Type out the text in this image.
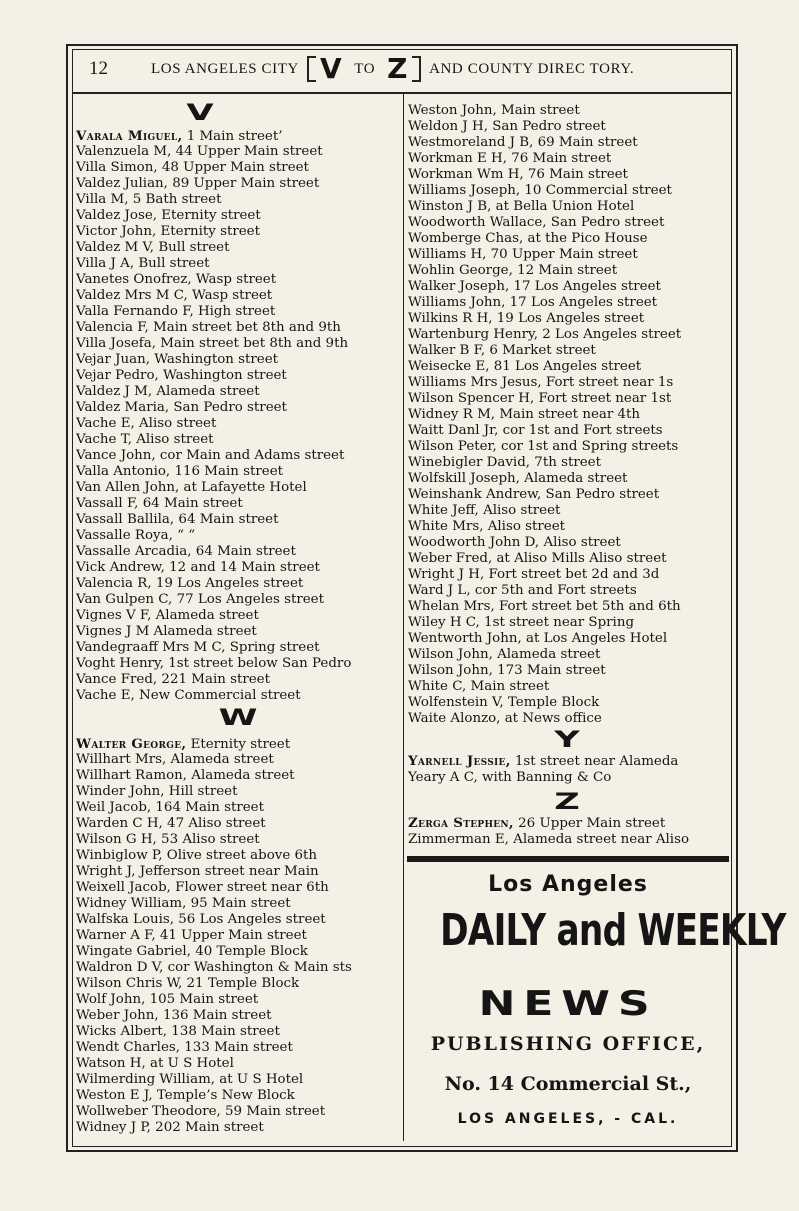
12	LOS ANGELES CITY V TO Z AND COUNTY DIREC TORY.
V
W
Y
Z
Varala Miguel, 1 Main street’
Valenzuela M, 44 Upper Main street
Villa Simon, 48 Upper Main street
Valdez Julian, 89 Upper Main street
Villa M, 5 Bath street
Valdez Jose, Eternity street
Victor John, Eternity street
Valdez M V, Bull street
Villa J A, Bull street
Vanetes Onofrez, Wasp street
Valdez Mrs M C, Wasp street
Valla Fernando F, High street
Valencia F, Main street bet 8th and 9th
Villa Josefa, Main street bet 8th and 9th
Vejar Juan, Washington street
Vejar Pedro, Washington street
Valdez J M, Alameda street
Valdez Maria, San Pedro street
Vache E, Aliso street
Vache T, Aliso street
Vance John, cor Main and Adams street
Valla Antonio, 116 Main street
Van Allen John, at Lafayette Hotel
Vassall F, 64 Main street
Vassall Ballila, 64 Main street
Vassalle Roya, “ “
Vassalle Arcadia, 64 Main street
Vick Andrew, 12 and 14 Main street
Valencia R, 19 Los Angeles street
Van Gulpen C, 77 Los Angeles street
Vignes V F, Alameda street
Vignes J M Alameda street
Vandegraaff Mrs M C, Spring street
Voght Henry, 1st street below San Pedro
Vance Fred, 221 Main street
Vache E, New Commercial street
Walter George, Eternity street
Willhart Mrs, Alameda street
Willhart Ramon, Alameda street
Winder John, Hill street
Weil Jacob, 164 Main street
Warden C H, 47 Aliso street
Wilson G H, 53 Aliso street
Winbiglow P, Olive street above 6th
Wright J, Jefferson street near Main
Weixell Jacob, Flower street near 6th
Widney William, 95 Main street
Walfska Louis, 56 Los Angeles street
Warner A F, 41 Upper Main street
Wingate Gabriel, 40 Temple Block
Waldron D V, cor Washington & Main sts
Wilson Chris W, 21 Temple Block
Wolf John, 105 Main street
Weber John, 136 Main street
Wicks Albert, 138 Main street
Wendt Charles, 133 Main street
Watson H, at U S Hotel
Wilmerding William, at U S Hotel
Weston E J, Temple’s New Block
Wollweber Theodore, 59 Main street
Widney J P, 202 Main street
Weston John, Main street
Weldon J H, San Pedro street
Westmoreland J B, 69 Main street
Workman E H, 76 Main street
Workman Wm H, 76 Main street
Williams Joseph, 10 Commercial street
Winston J B, at Bella Union Hotel
Woodworth Wallace, San Pedro street
Womberge Chas, at the Pico House
Williams H, 70 Upper Main street
Wohlin George, 12 Main street
Walker Joseph, 17 Los Angeles street
Williams John, 17 Los Angeles street
Wilkins R H, 19 Los Angeles street
Wartenburg Henry, 2 Los Angeles street
Walker B F, 6 Market street
Weisecke E, 81 Los Angeles street
Williams Mrs Jesus, Fort street near 1s
Wilson Spencer H, Fort street near 1st
Widney R M, Main street near 4th
Waitt Danl Jr, cor 1st and Fort streets
Wilson Peter, cor 1st and Spring streets
Winebigler David, 7th street
Wolfskill Joseph, Alameda street
Weinshank Andrew, San Pedro street
White Jeff, Aliso street
White Mrs, Aliso street
Woodworth John D, Aliso street
Weber Fred, at Aliso Mills Aliso street
Wright J H, Fort street bet 2d and 3d
Ward J L, cor 5th and Fort streets
Whelan Mrs, Fort street bet 5th and 6th
Wiley H C, 1st street near Spring
Wentworth John, at Los Angeles Hotel
Wilson John, Alameda street
Wilson John, 173 Main street
White C, Main street
Wolfenstein V, Temple Block
Waite Alonzo, at News office
Yarnell Jessie, 1st street near Alameda
Yeary A C, with Banning & Co
Zerga Stephen, 26 Upper Main street
Zimmerman E, Alameda street near Aliso
Los Angeles
DAILY and WEEKLY
NEWS
PUBLISHING OFFICE,
No. 14 Commercial St.,
LOS ANGELES, - CAL.
